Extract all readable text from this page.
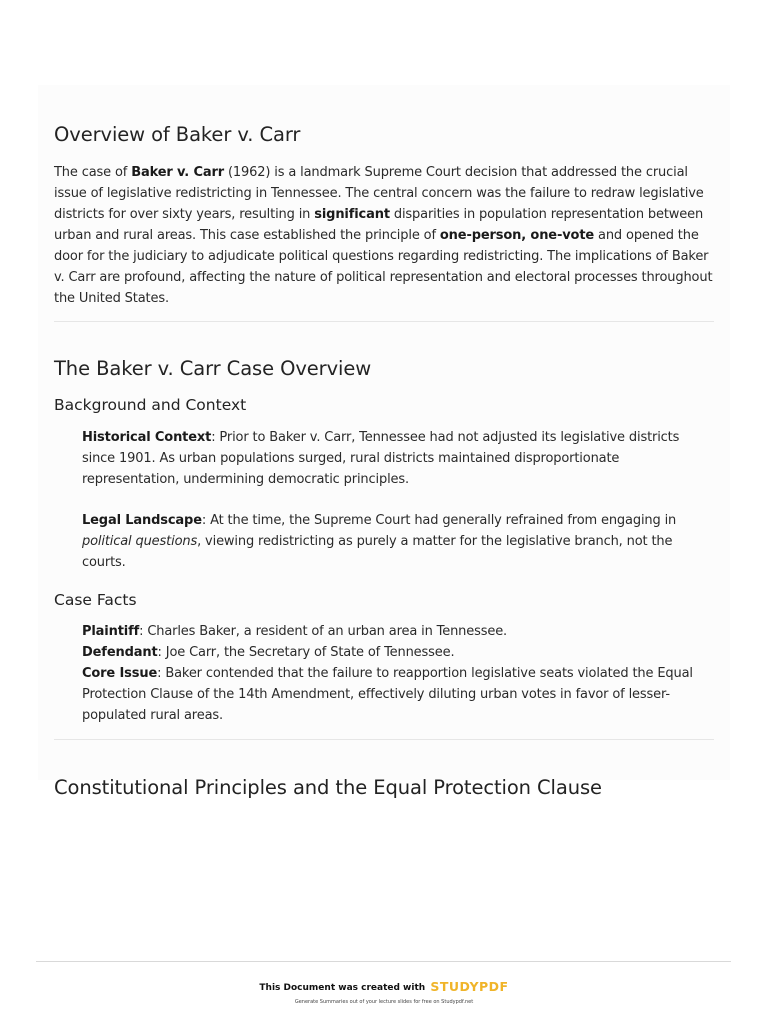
Overview of Baker v. Carr

The case of Baker v. Carr (1962) is a landmark Supreme Court decision that addressed the crucial issue of legislative redistricting in Tennessee. The central concern was the failure to redraw legislative districts for over sixty years, resulting in significant disparities in population representation between urban and rural areas. This case established the principle of one-person, one-vote and opened the door for the judiciary to adjudicate political questions regarding redistricting. The implications of Baker v. Carr are profound, affecting the nature of political representation and electoral processes throughout the United States.

The Baker v. Carr Case Overview
Background and Context

Historical Context: Prior to Baker v. Carr, Tennessee had not adjusted its legislative districts since 1901. As urban populations surged, rural districts maintained disproportionate representation, undermining democratic principles.

Legal Landscape: At the time, the Supreme Court had generally refrained from engaging in political questions, viewing redistricting as purely a matter for the legislative branch, not the courts.

Case Facts

Plaintiff: Charles Baker, a resident of an urban area in Tennessee.

Defendant: Joe Carr, the Secretary of State of Tennessee.

Core Issue: Baker contended that the failure to reapportion legislative seats violated the Equal Protection Clause of the 14th Amendment, effectively diluting urban votes in favor of lesser-populated rural areas.

Constitutional Principles and the Equal Protection Clause
This Document was created with STUDYPDF
Generate Summaries out of your lecture slides for free on Studypdf.net
